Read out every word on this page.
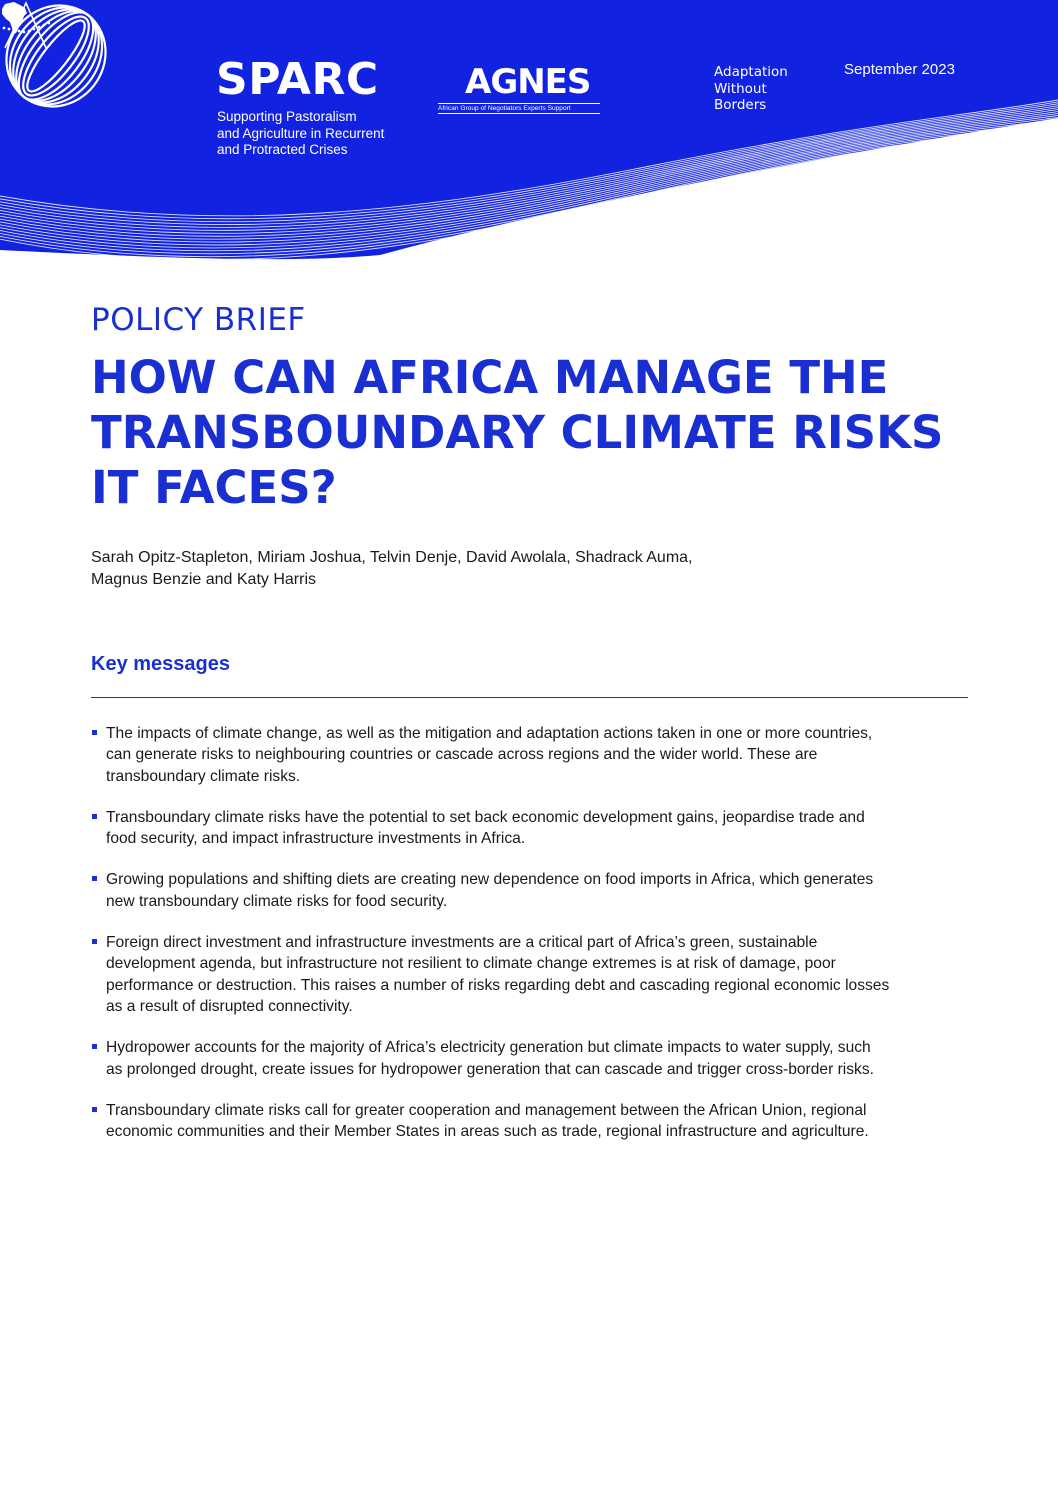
SPARC
Supporting Pastoralism
and Agriculture in Recurrent
and Protracted Crises
AGNES
African Group of Negotiators Experts Support
Adaptation
Without
Borders
September 2023
POLICY BRIEF
HOW CAN AFRICA MANAGE THE
TRANSBOUNDARY CLIMATE RISKS
IT FACES?
Sarah Opitz-Stapleton, Miriam Joshua, Telvin Denje, David Awolala, Shadrack Auma,
Magnus Benzie and Katy Harris
Key messages
The impacts of climate change, as well as the mitigation and adaptation actions taken in one or more countries,
can generate risks to neighbouring countries or cascade across regions and the wider world. These are
transboundary climate risks.
Transboundary climate risks have the potential to set back economic development gains, jeopardise trade and
food security, and impact infrastructure investments in Africa.
Growing populations and shifting diets are creating new dependence on food imports in Africa, which generates
new transboundary climate risks for food security.
Foreign direct investment and infrastructure investments are a critical part of Africa’s green, sustainable
development agenda, but infrastructure not resilient to climate change extremes is at risk of damage, poor
performance or destruction. This raises a number of risks regarding debt and cascading regional economic losses
as a result of disrupted connectivity.
Hydropower accounts for the majority of Africa’s electricity generation but climate impacts to water supply, such
as prolonged drought, create issues for hydropower generation that can cascade and trigger cross-border risks.
Transboundary climate risks call for greater cooperation and management between the African Union, regional
economic communities and their Member States in areas such as trade, regional infrastructure and agriculture.
